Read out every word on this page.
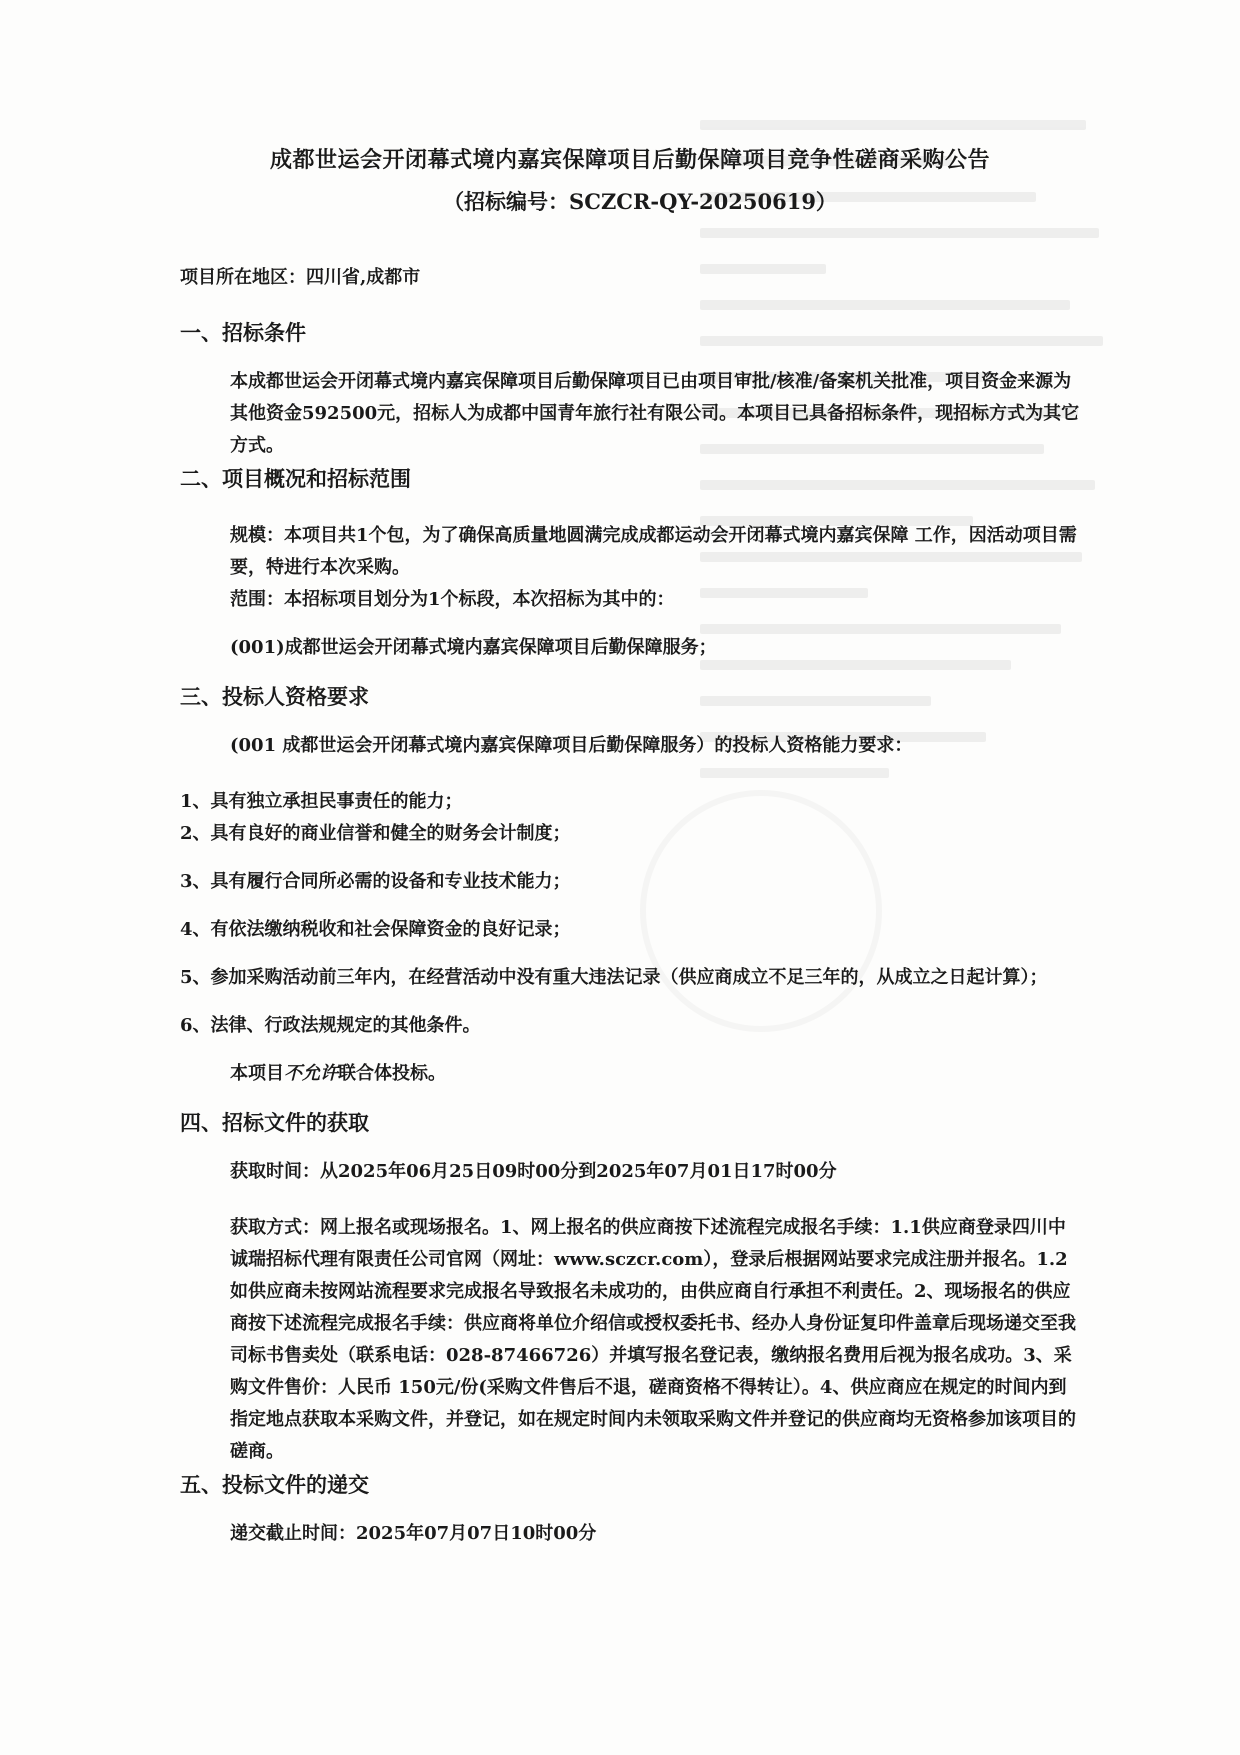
成都世运会开闭幕式境内嘉宾保障项目后勤保障项目竞争性磋商采购公告
（招标编号：SCZCR-QY-20250619）
项目所在地区：四川省,成都市
一、招标条件

本成都世运会开闭幕式境内嘉宾保障项目后勤保障项目已由项目审批/核准/备案机关批准，项目资金来源为其他资金592500元，招标人为成都中国青年旅行社有限公司。本项目已具备招标条件，现招标方式为其它方式。

二、项目概况和招标范围

规模：本项目共1个包，为了确保高质量地圆满完成成都运动会开闭幕式境内嘉宾保障 工作，因活动项目需要，特进行本次采购。

范围：本招标项目划分为1个标段，本次招标为其中的：

(001)成都世运会开闭幕式境内嘉宾保障项目后勤保障服务；

三、投标人资格要求

(001 成都世运会开闭幕式境内嘉宾保障项目后勤保障服务）的投标人资格能力要求：

1、具有独立承担民事责任的能力；

2、具有良好的商业信誉和健全的财务会计制度；

3、具有履行合同所必需的设备和专业技术能力；

4、有依法缴纳税收和社会保障资金的良好记录；

5、参加采购活动前三年内，在经营活动中没有重大违法记录（供应商成立不足三年的，从成立之日起计算）；

6、法律、行政法规规定的其他条件。

本项目不允许联合体投标。

四、招标文件的获取

获取时间：从2025年06月25日09时00分到2025年07月01日17时00分

获取方式：网上报名或现场报名。1、网上报名的供应商按下述流程完成报名手续：1.1供应商登录四川中诚瑞招标代理有限责任公司官网（网址：www.sczcr.com），登录后根据网站要求完成注册并报名。1.2 如供应商未按网站流程要求完成报名导致报名未成功的，由供应商自行承担不利责任。2、现场报名的供应商按下述流程完成报名手续：供应商将单位介绍信或授权委托书、经办人身份证复印件盖章后现场递交至我司标书售卖处（联系电话：028-87466726）并填写报名登记表，缴纳报名费用后视为报名成功。3、采购文件售价：人民币 150元/份(采购文件售后不退，磋商资格不得转让）。4、供应商应在规定的时间内到指定地点获取本采购文件，并登记，如在规定时间内未领取采购文件并登记的供应商均无资格参加该项目的磋商。

五、投标文件的递交

递交截止时间：2025年07月07日10时00分
